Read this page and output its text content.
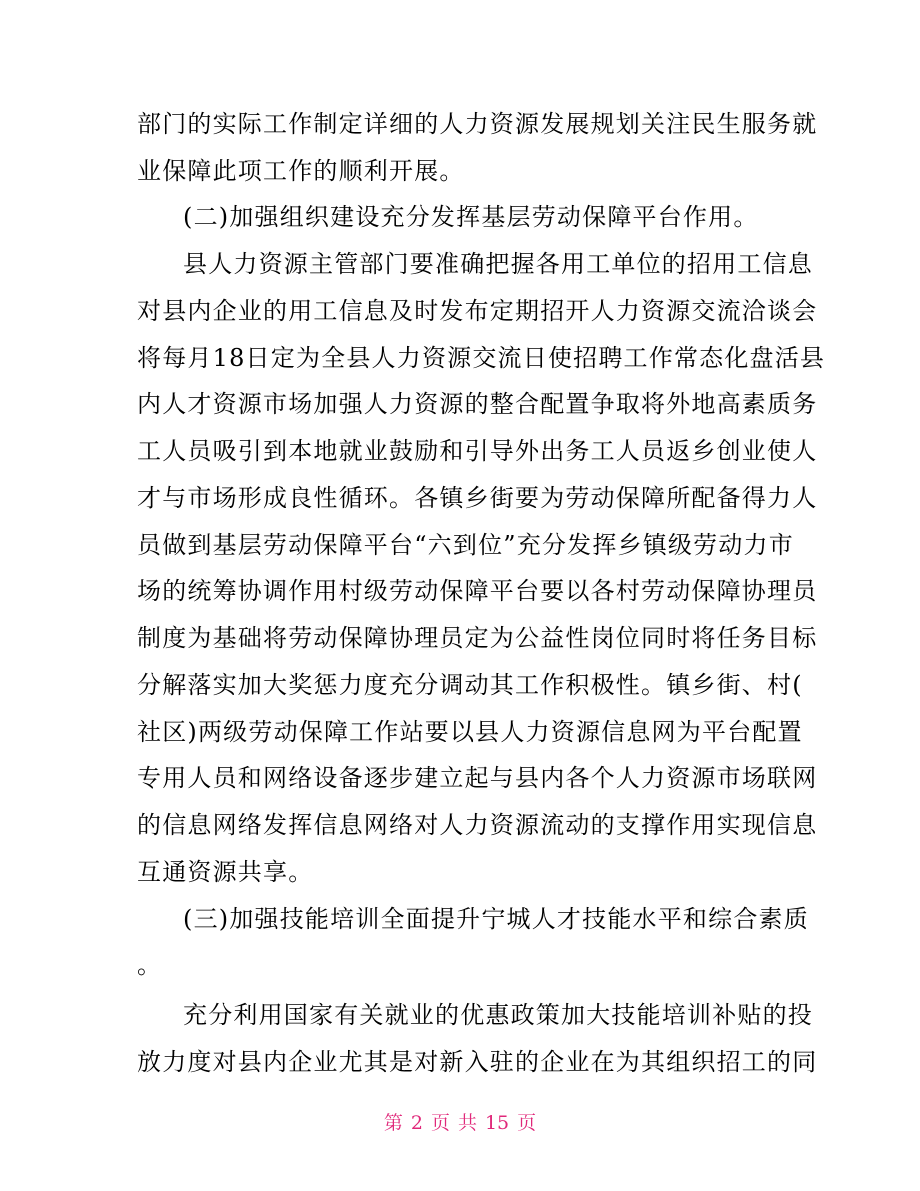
部门的实际工作制定详细的人力资源发展规划关注民生服务就
业保障此项工作的顺利开展。
(二)加强组织建设充分发挥基层劳动保障平台作用。
县人力资源主管部门要准确把握各用工单位的招用工信息
对县内企业的用工信息及时发布定期招开人力资源交流洽谈会
将每月18日定为全县人力资源交流日使招聘工作常态化盘活县
内人才资源市场加强人力资源的整合配置争取将外地高素质务
工人员吸引到本地就业鼓励和引导外出务工人员返乡创业使人
才与市场形成良性循环。各镇乡街要为劳动保障所配备得力人
员做到基层劳动保障平台“六到位”充分发挥乡镇级劳动力市
场的统筹协调作用村级劳动保障平台要以各村劳动保障协理员
制度为基础将劳动保障协理员定为公益性岗位同时将任务目标
分解落实加大奖惩力度充分调动其工作积极性。镇乡街、村(
社区)两级劳动保障工作站要以县人力资源信息网为平台配置
专用人员和网络设备逐步建立起与县内各个人力资源市场联网
的信息网络发挥信息网络对人力资源流动的支撑作用实现信息
互通资源共享。
(三)加强技能培训全面提升宁城人才技能水平和综合素质
。
充分利用国家有关就业的优惠政策加大技能培训补贴的投
放力度对县内企业尤其是对新入驻的企业在为其组织招工的同
第 2 页 共 15 页
